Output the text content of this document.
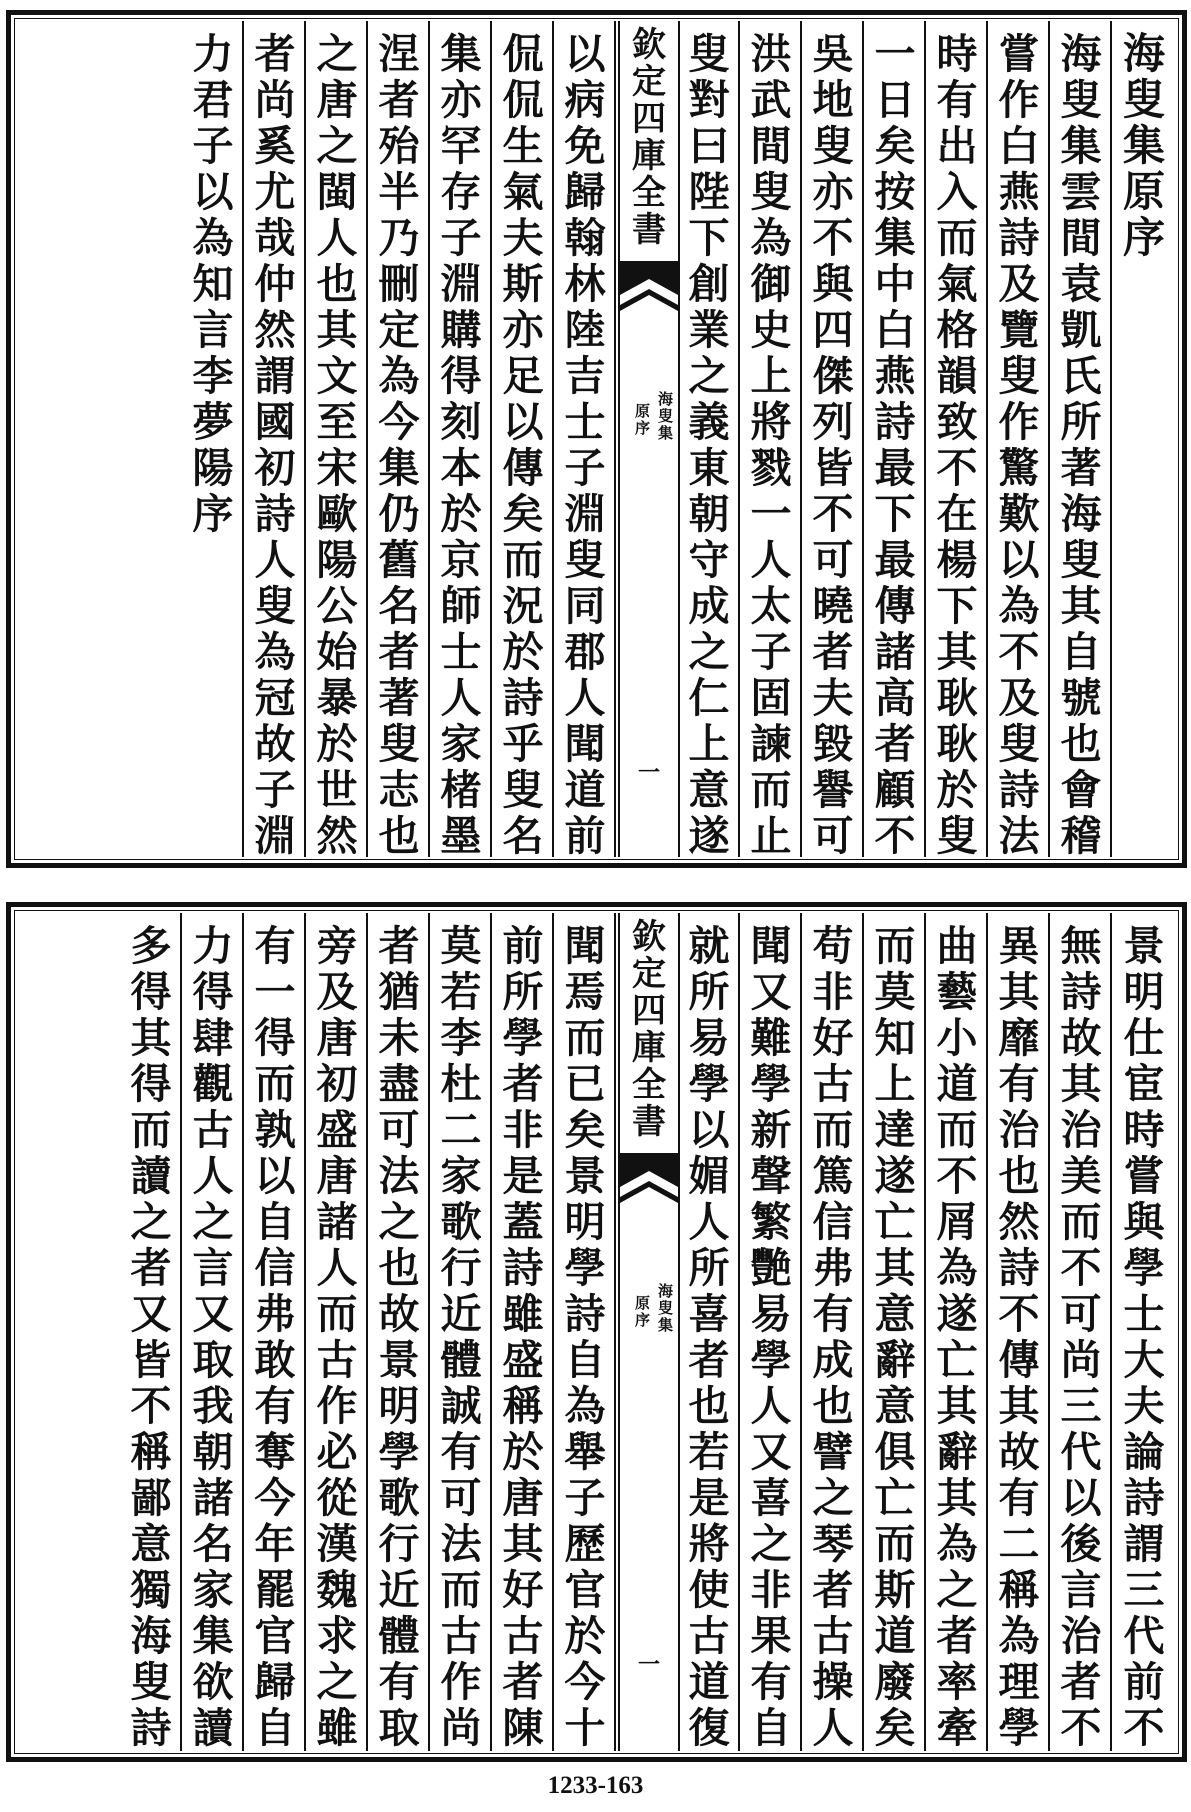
海
叟
集
原
序
海
叟
集
雲
間
袁
凱
氏
所
著
海
叟
其
自
號
也
會
稽
嘗
作
白
燕
詩
及
覽
叟
作
驚
歎
以
為
不
及
叟
詩
法
時
有
出
入
而
氣
格
韻
致
不
在
楊
下
其
耿
耿
於
叟
一
日
矣
按
集
中
白
燕
詩
最
下
最
傳
諸
高
者
顧
不
吳
地
叟
亦
不
與
四
傑
列
皆
不
可
曉
者
夫
毀
譽
可
洪
武
間
叟
為
御
史
上
將
戮
一
人
太
子
固
諫
而
止
叟
對
曰
陛
下
創
業
之
義
東
朝
守
成
之
仁
上
意
遂
欽
定
四
庫
全
書
海
叟
集
原
序
一
以
病
免
歸
翰
林
陸
吉
士
子
淵
叟
同
郡
人
聞
道
前
侃
侃
生
氣
夫
斯
亦
足
以
傳
矣
而
況
於
詩
乎
叟
名
集
亦
罕
存
子
淵
購
得
刻
本
於
京
師
士
人
家
楮
墨
涅
者
殆
半
乃
刪
定
為
今
集
仍
舊
名
者
著
叟
志
也
之
唐
之
閩
人
也
其
文
至
宋
歐
陽
公
始
暴
於
世
然
者
尚
奚
尤
哉
仲
然
謂
國
初
詩
人
叟
為
冠
故
子
淵
力
君
子
以
為
知
言
李
夢
陽
序
景
明
仕
宦
時
嘗
與
學
士
大
夫
論
詩
謂
三
代
前
不
無
詩
故
其
治
美
而
不
可
尚
三
代
以
後
言
治
者
不
異
其
靡
有
治
也
然
詩
不
傳
其
故
有
二
稱
為
理
學
曲
藝
小
道
而
不
屑
為
遂
亡
其
辭
其
為
之
者
率
牽
而
莫
知
上
達
遂
亡
其
意
辭
意
俱
亡
而
斯
道
廢
矣
苟
非
好
古
而
篤
信
弗
有
成
也
譬
之
琴
者
古
操
人
聞
又
難
學
新
聲
繁
艷
易
學
人
又
喜
之
非
果
有
自
就
所
易
學
以
媚
人
所
喜
者
也
若
是
將
使
古
道
復
欽
定
四
庫
全
書
海
叟
集
原
序
一
聞
焉
而
已
矣
景
明
學
詩
自
為
舉
子
歷
官
於
今
十
前
所
學
者
非
是
蓋
詩
雖
盛
稱
於
唐
其
好
古
者
陳
莫
若
李
杜
二
家
歌
行
近
體
誠
有
可
法
而
古
作
尚
者
猶
未
盡
可
法
之
也
故
景
明
學
歌
行
近
體
有
取
旁
及
唐
初
盛
唐
諸
人
而
古
作
必
從
漢
魏
求
之
雖
有
一
得
而
孰
以
自
信
弗
敢
有
奪
今
年
罷
官
歸
自
力
得
肆
觀
古
人
之
言
又
取
我
朝
諸
名
家
集
欲
讀
多
得
其
得
而
讀
之
者
又
皆
不
稱
鄙
意
獨
海
叟
詩
1233-163
